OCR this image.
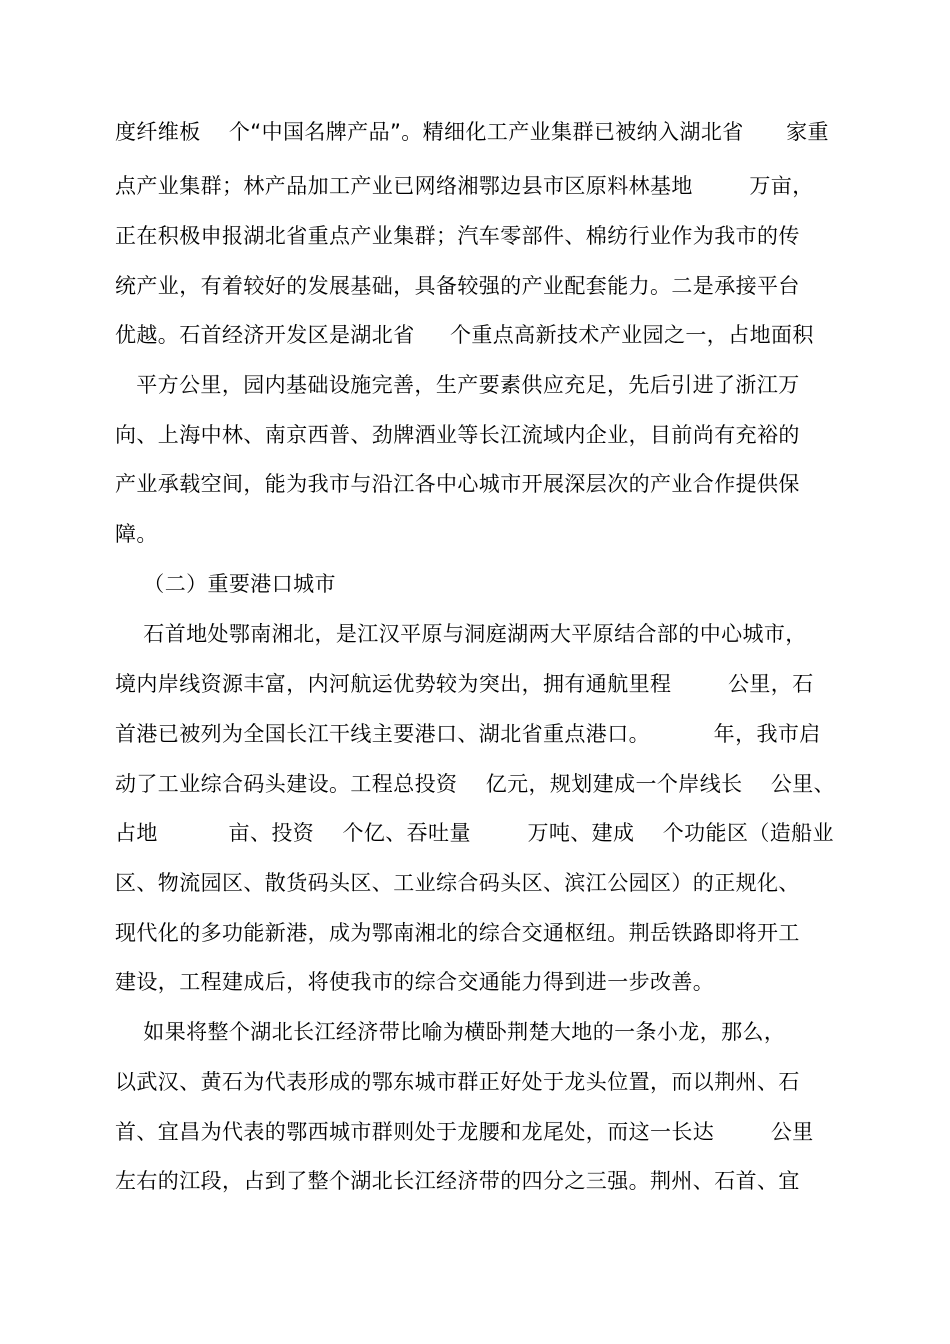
度纤维板    个“中国名牌产品”。精细化工产业集群已被纳入湖北省      家重
点产业集群；林产品加工产业已网络湘鄂边县市区原料林基地        万亩，
正在积极申报湖北省重点产业集群；汽车零部件、棉纺行业作为我市的传
统产业，有着较好的发展基础，具备较强的产业配套能力。二是承接平台
优越。石首经济开发区是湖北省     个重点高新技术产业园之一，占地面积
平方公里，园内基础设施完善，生产要素供应充足，先后引进了浙江万
向、上海中林、南京西普、劲牌酒业等长江流域内企业，目前尚有充裕的
产业承载空间，能为我市与沿江各中心城市开展深层次的产业合作提供保
障。
（二）重要港口城市
石首地处鄂南湘北，是江汉平原与洞庭湖两大平原结合部的中心城市，
境内岸线资源丰富，内河航运优势较为突出，拥有通航里程        公里，石
首港已被列为全国长江干线主要港口、湖北省重点港口。         年，我市启
动了工业综合码头建设。工程总投资    亿元，规划建成一个岸线长    公里、
占地          亩、投资    个亿、吞吐量        万吨、建成    个功能区（造船业
区、物流园区、散货码头区、工业综合码头区、滨江公园区）的正规化、
现代化的多功能新港，成为鄂南湘北的综合交通枢纽。荆岳铁路即将开工
建设，工程建成后，将使我市的综合交通能力得到进一步改善。
如果将整个湖北长江经济带比喻为横卧荆楚大地的一条小龙，那么，
以武汉、黄石为代表形成的鄂东城市群正好处于龙头位置，而以荆州、石
首、宜昌为代表的鄂西城市群则处于龙腰和龙尾处，而这一长达        公里
左右的江段，占到了整个湖北长江经济带的四分之三强。荆州、石首、宜
